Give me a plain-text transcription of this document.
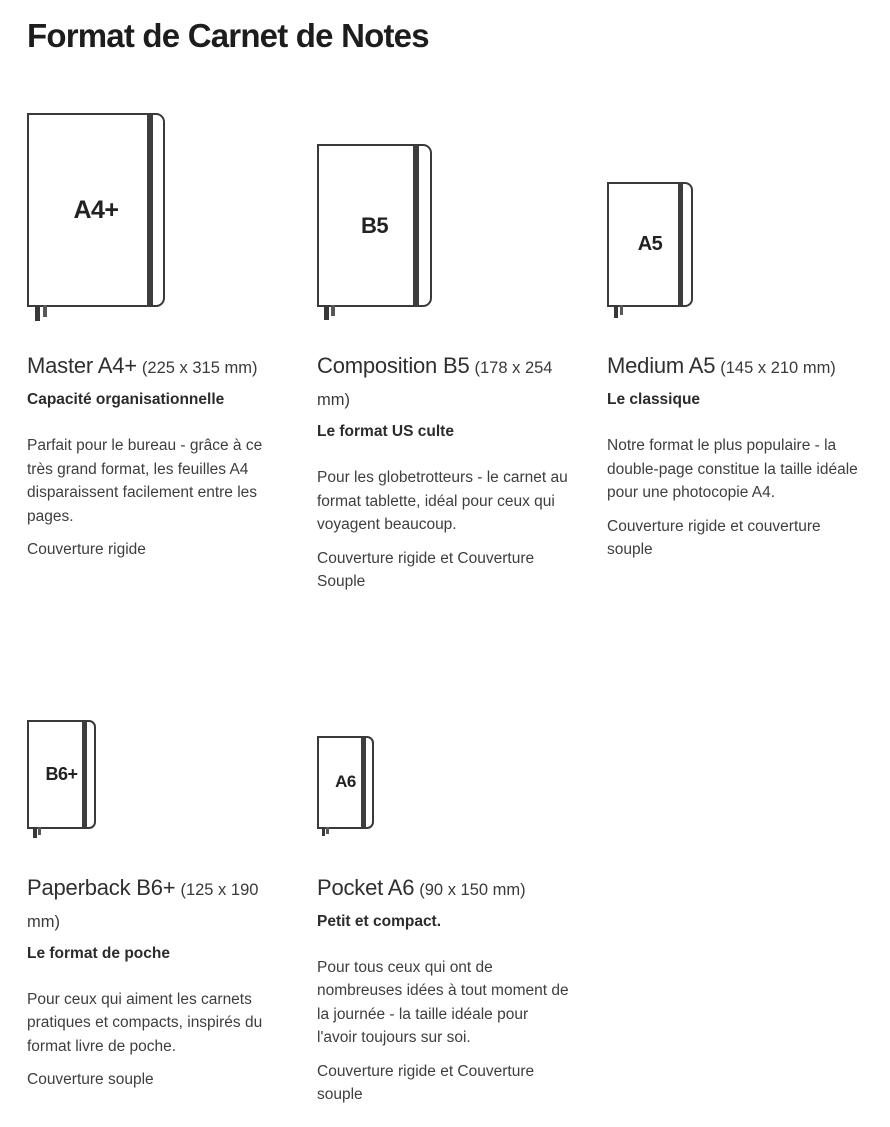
Format de Carnet de Notes
A4+
Master A4+ (225 x 315 mm)

Capacité organisationnelle

Parfait pour le bureau - grâce à ce très grand format, les feuilles A4 disparaissent facilement entre les pages.

Couverture rigide

B5
Composition B5 (178 x 254 mm)

Le format US culte

Pour les globetrotteurs - le carnet au format tablette, idéal pour ceux qui voyagent beaucoup.

Couverture rigide et Couverture Souple

A5
Medium A5 (145 x 210 mm)

Le classique

Notre format le plus populaire - la double-page constitue la taille idéale pour une photocopie A4.

Couverture rigide et couverture souple

B6+
Paperback B6+ (125 x 190 mm)

Le format de poche

Pour ceux qui aiment les carnets pratiques et compacts, inspirés du format livre de poche.

Couverture souple

A6
Pocket A6 (90 x 150 mm)

Petit et compact.

Pour tous ceux qui ont de nombreuses idées à tout moment de la journée - la taille idéale pour l'avoir toujours sur soi.

Couverture rigide et Couverture souple
